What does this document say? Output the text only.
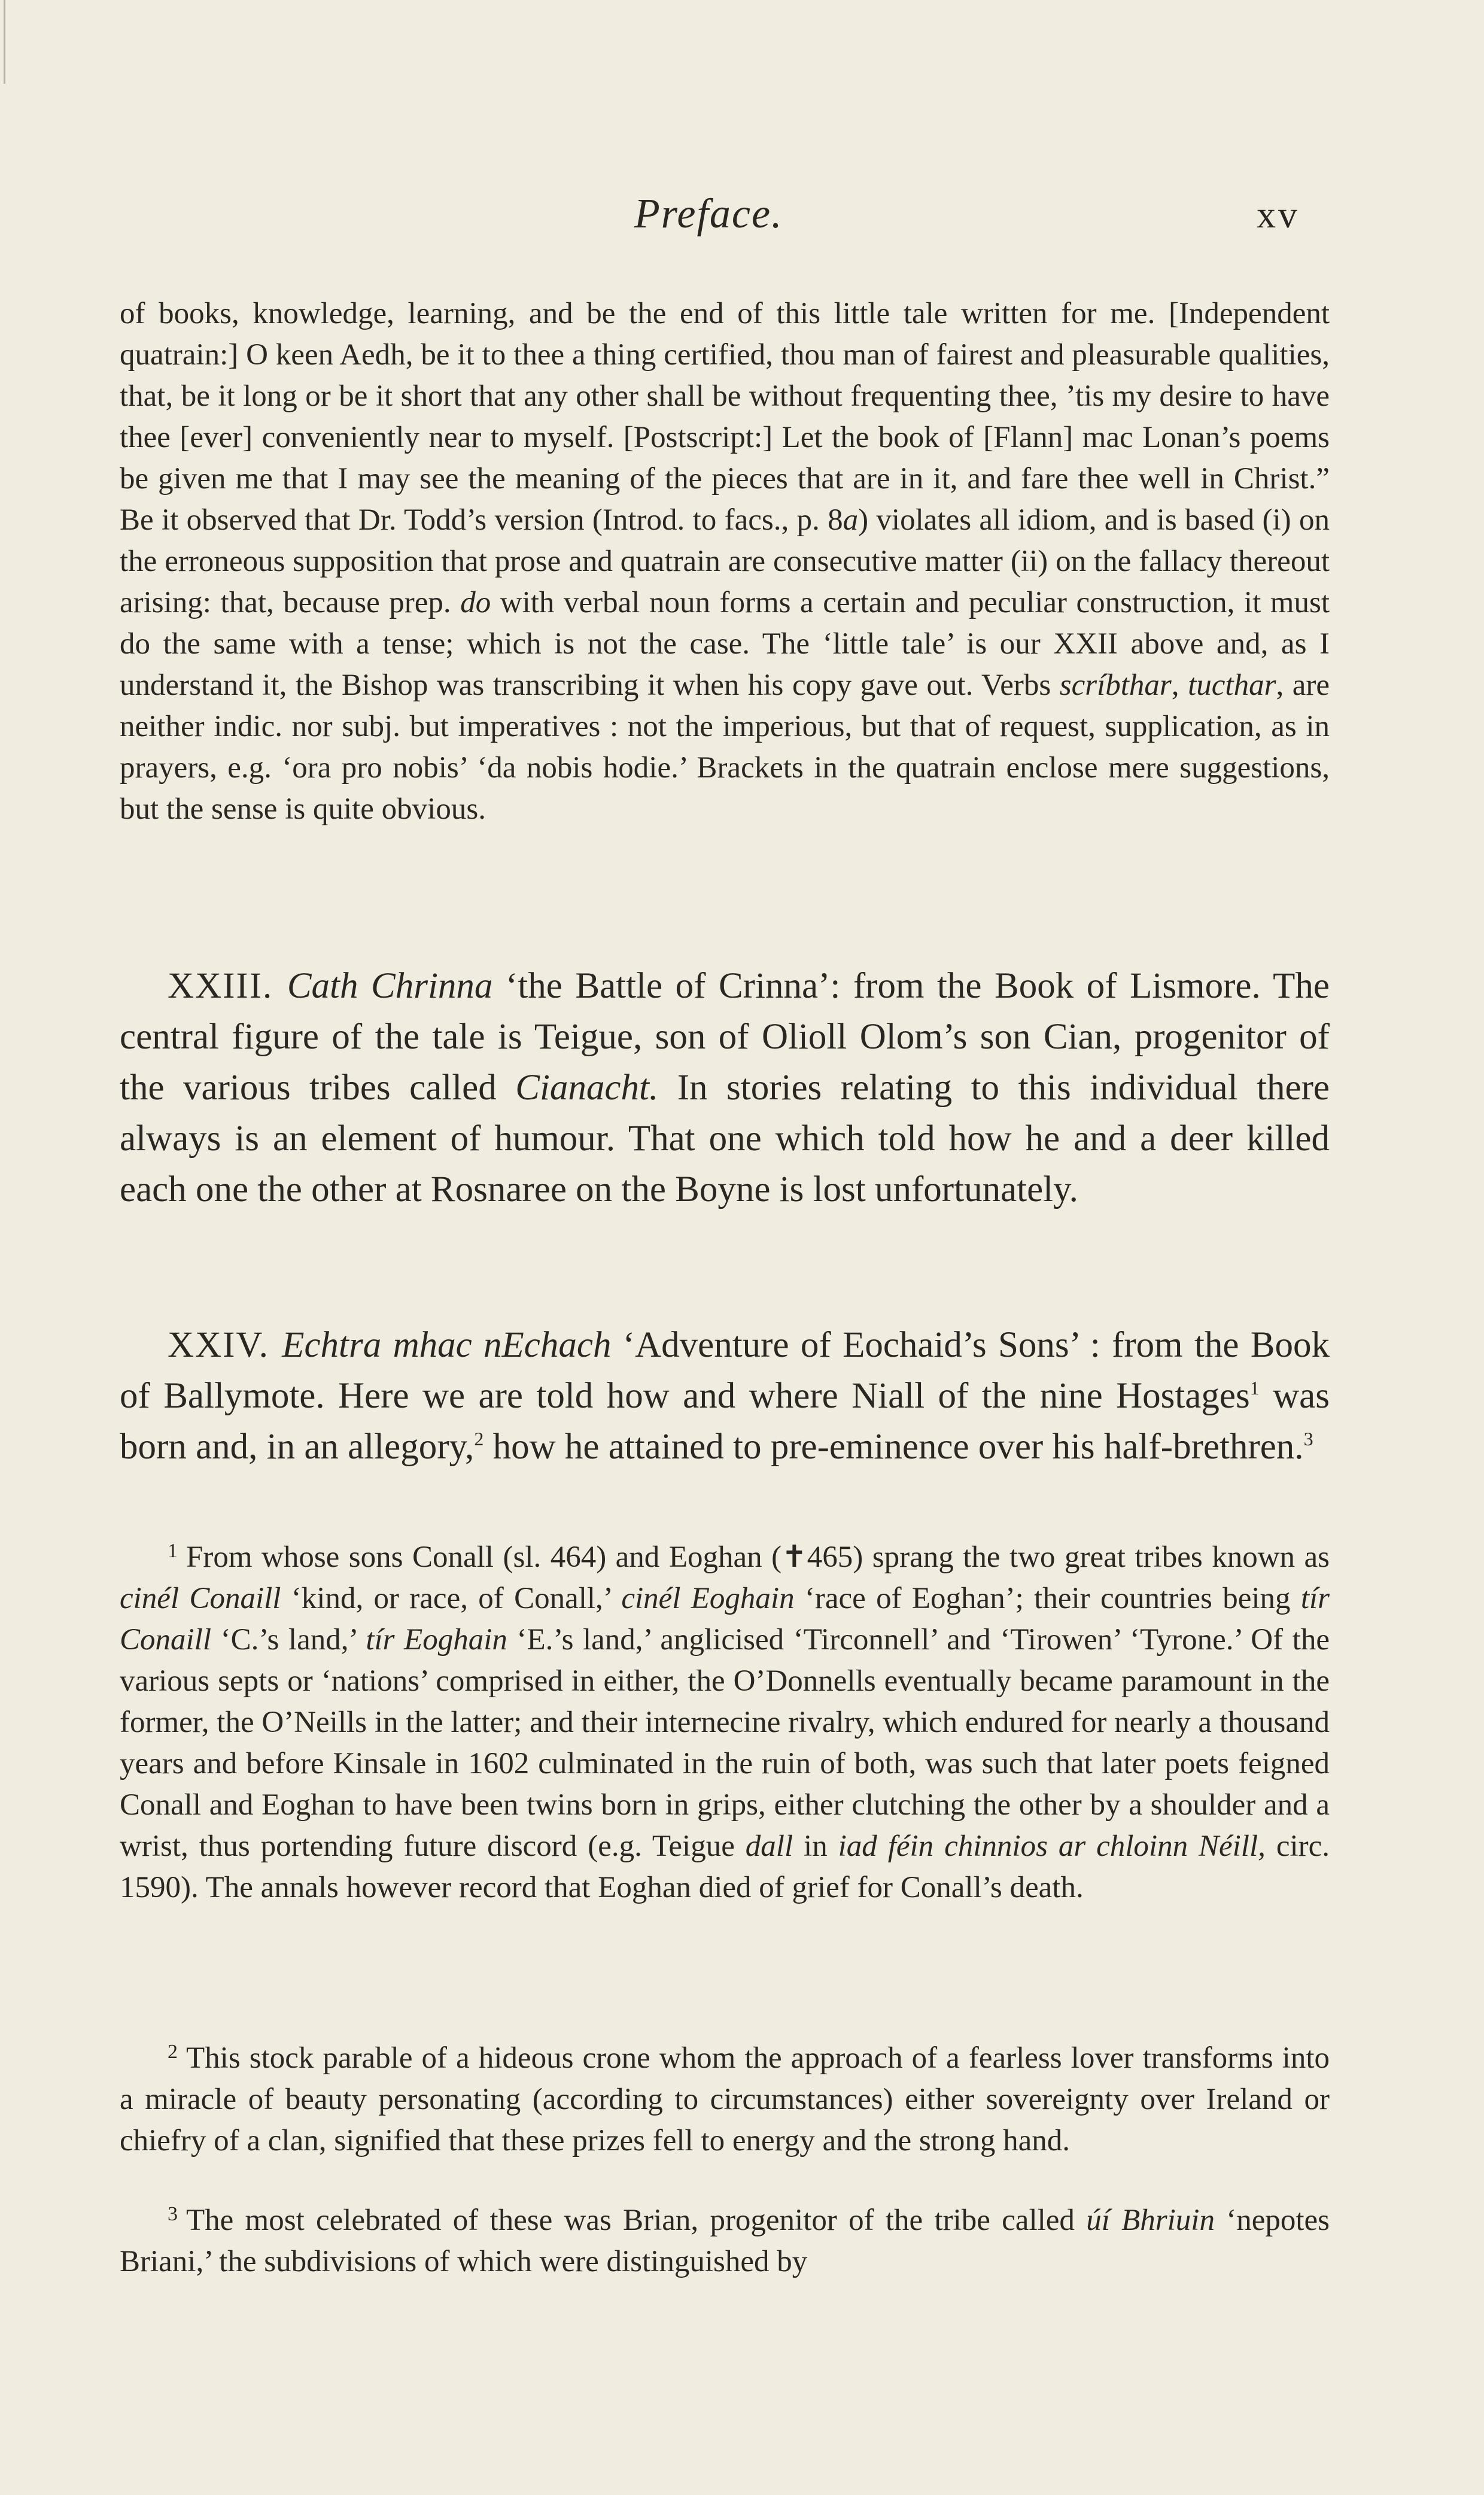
Preface.	xv

of books, knowledge, learning, and be the end of this little tale written for me. [Independent quatrain:] O keen Aedh, be it to thee a thing certified, thou man of fairest and pleasurable qualities, that, be it long or be it short that any other shall be without frequenting thee, ’tis my desire to have thee [ever] conveniently near to myself. [Postscript:] Let the book of [Flann] mac Lonan’s poems be given me that I may see the meaning of the pieces that are in it, and fare thee well in Christ.” Be it observed that Dr. Todd’s version (Introd. to facs., p. 8a) violates all idiom, and is based (i) on the erroneous supposition that prose and quatrain are consecutive matter (ii) on the fallacy thereout arising: that, because prep. do with verbal noun forms a certain and peculiar construction, it must do the same with a tense; which is not the case. The ‘little tale’ is our XXII above and, as I understand it, the Bishop was transcribing it when his copy gave out. Verbs scríbthar, tucthar, are neither indic. nor subj. but imperatives : not the imperious, but that of request, supplication, as in prayers, e.g. ‘ora pro nobis’ ‘da nobis hodie.’ Brackets in the quatrain enclose mere suggestions, but the sense is quite obvious.

XXIII. Cath Chrinna ‘the Battle of Crinna’: from the Book of Lismore. The central figure of the tale is Teigue, son of Olioll Olom’s son Cian, progenitor of the various tribes called Cianacht. In stories relating to this individual there always is an element of humour. That one which told how he and a deer killed each one the other at Rosnaree on the Boyne is lost unfortunately.

XXIV. Echtra mhac nEchach ‘Adventure of Eochaid’s Sons’ : from the Book of Ballymote. Here we are told how and where Niall of the nine Hostages$^1$ was born and, in an allegory,$^2$ how he attained to pre-eminence over his half-brethren.$^3$

$^1$ From whose sons Conall (sl. 464) and Eoghan (✝465) sprang the two great tribes known as cinél Conaill ‘kind, or race, of Conall,’ cinél Eoghain ‘race of Eoghan’; their countries being tír Conaill ‘C.’s land,’ tír Eoghain ‘E.’s land,’ anglicised ‘Tirconnell’ and ‘Tirowen’ ‘Tyrone.’ Of the various septs or ‘nations’ comprised in either, the O’Donnells eventually became paramount in the former, the O’Neills in the latter; and their internecine rivalry, which endured for nearly a thousand years and before Kinsale in 1602 culminated in the ruin of both, was such that later poets feigned Conall and Eoghan to have been twins born in grips, either clutching the other by a shoulder and a wrist, thus portending future discord (e.g. Teigue dall in iad féin chinnios ar chloinn Néill, circ. 1590). The annals however record that Eoghan died of grief for Conall’s death.

$^2$ This stock parable of a hideous crone whom the approach of a fearless lover transforms into a miracle of beauty personating (according to circumstances) either sovereignty over Ireland or chiefry of a clan, signified that these prizes fell to energy and the strong hand.

$^3$ The most celebrated of these was Brian, progenitor of the tribe called úí Bhriuin ‘nepotes Briani,’ the subdivisions of which were distinguished by
